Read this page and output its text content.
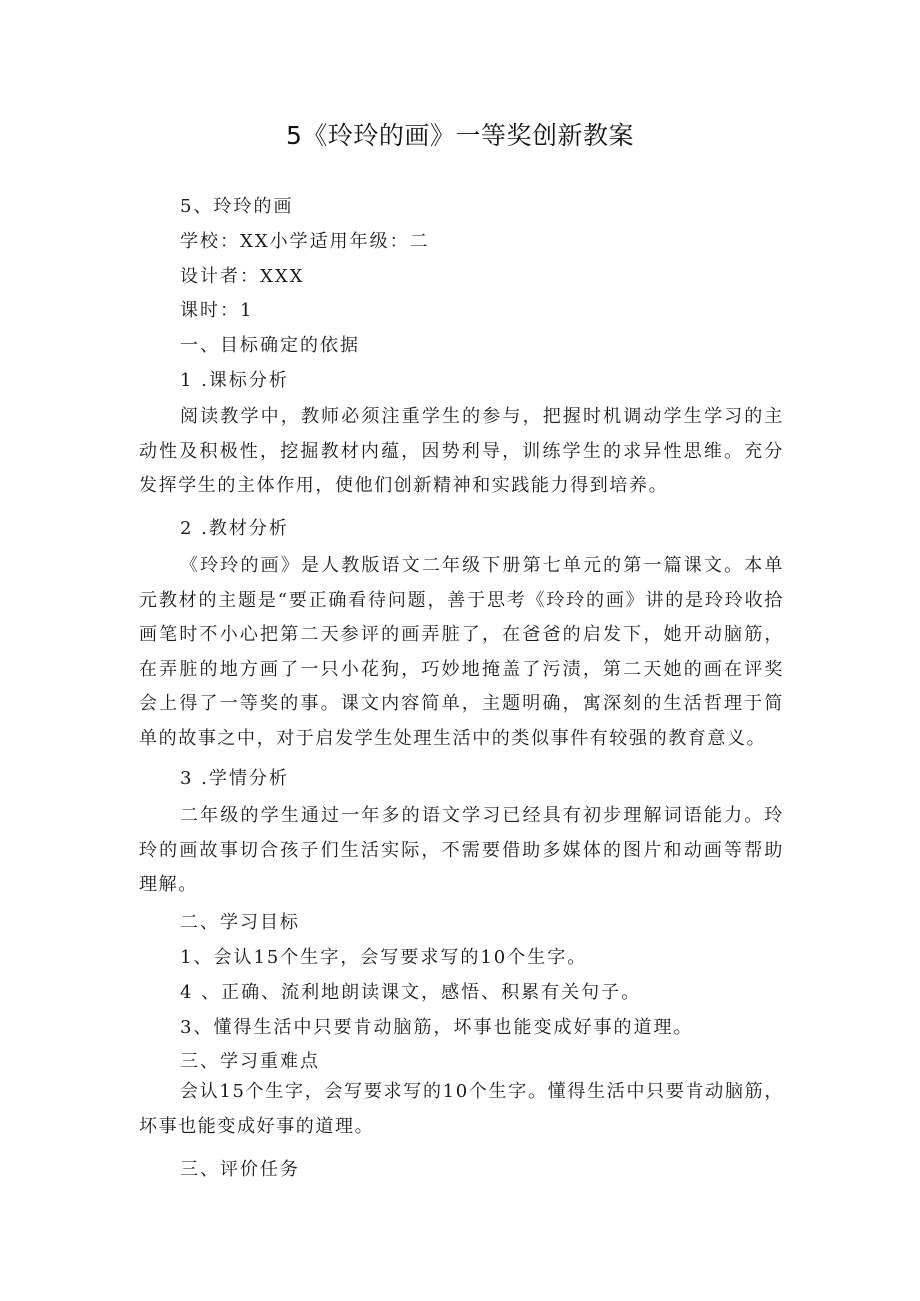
5《玲玲的画》一等奖创新教案
5、玲玲的画
学校：XX小学适用年级：二
设计者：XXX
课时：1
一、目标确定的依据
1 .课标分析
阅读教学中，教师必须注重学生的参与，把握时机调动学生学习的主动性及积极性，挖掘教材内蕴，因势利导，训练学生的求异性思维。充分发挥学生的主体作用，使他们创新精神和实践能力得到培养。
2 .教材分析
《玲玲的画》是人教版语文二年级下册第七单元的第一篇课文。本单元教材的主题是“要正确看待问题，善于思考《玲玲的画》讲的是玲玲收拾画笔时不小心把第二天参评的画弄脏了，在爸爸的启发下，她开动脑筋，在弄脏的地方画了一只小花狗，巧妙地掩盖了污渍，第二天她的画在评奖会上得了一等奖的事。课文内容简单，主题明确，寓深刻的生活哲理于简单的故事之中，对于启发学生处理生活中的类似事件有较强的教育意义。
3 .学情分析
二年级的学生通过一年多的语文学习已经具有初步理解词语能力。玲玲的画故事切合孩子们生活实际，不需要借助多媒体的图片和动画等帮助理解。
二、学习目标
1、会认15个生字，会写要求写的10个生字。
4 、正确、流利地朗读课文，感悟、积累有关句子。
3、懂得生活中只要肯动脑筋，坏事也能变成好事的道理。
三、学习重难点
会认15个生字，会写要求写的10个生字。懂得生活中只要肯动脑筋，坏事也能变成好事的道理。
三、评价任务
